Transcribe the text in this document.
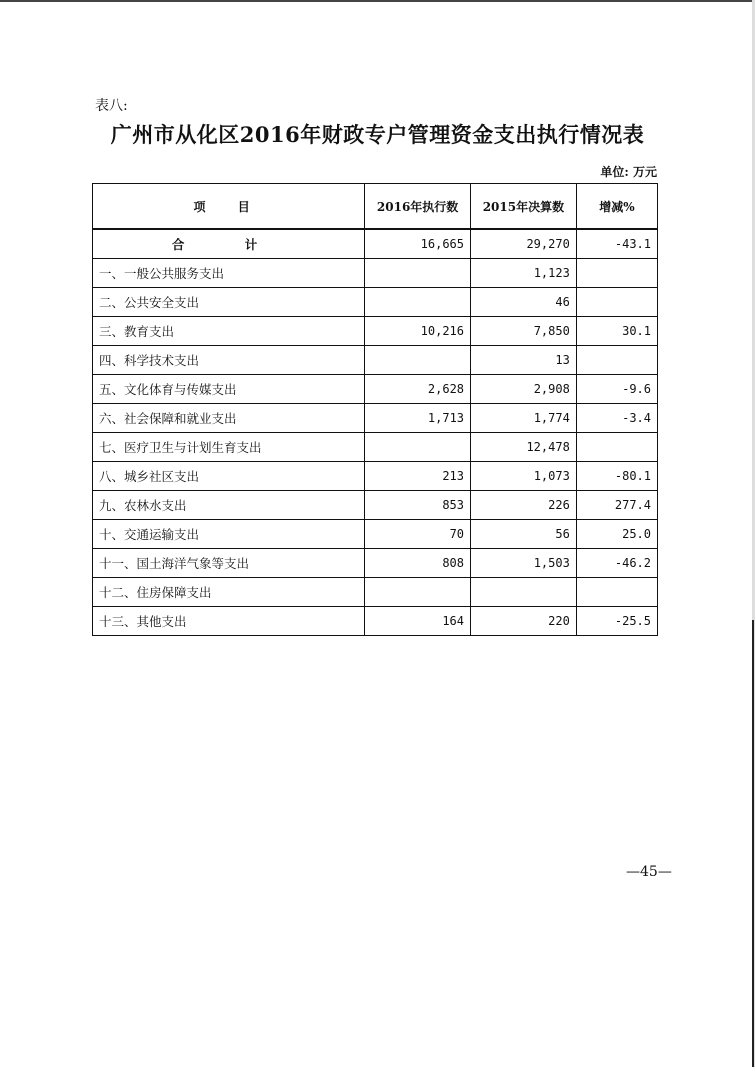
表八:
广州市从化区2016年财政专户管理资金支出执行情况表
单位: 万元
项 目	2016年执行数	2015年决算数	增减%
合 计	16,665	29,270	-43.1
一、一般公共服务支出		1,123	
二、公共安全支出		46	
三、教育支出	10,216	7,850	30.1
四、科学技术支出		13	
五、文化体育与传媒支出	2,628	2,908	-9.6
六、社会保障和就业支出	1,713	1,774	-3.4
七、医疗卫生与计划生育支出		12,478	
八、城乡社区支出	213	1,073	-80.1
九、农林水支出	853	226	277.4
十、交通运输支出	70	56	25.0
十一、国土海洋气象等支出	808	1,503	-46.2
十二、住房保障支出			
十三、其他支出	164	220	-25.5
—45—
